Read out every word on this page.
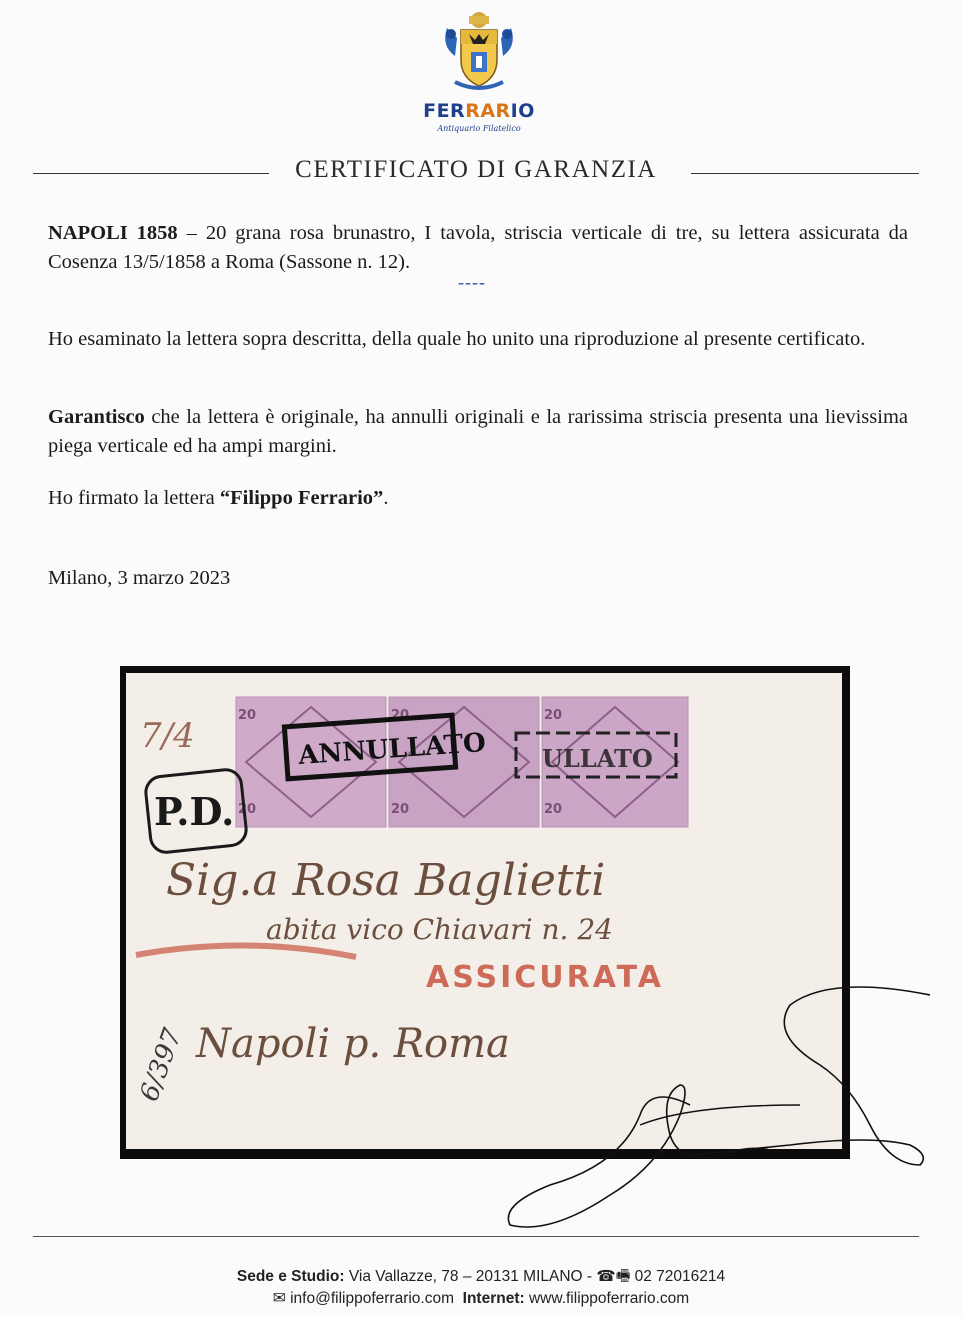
FERRARIO
Antiquario Filatelico
CERTIFICATO DI GARANZIA
NAPOLI 1858 – 20 grana rosa brunastro, I tavola, striscia verticale di tre, su lettera assicurata da Cosenza 13/5/1858 a Roma (Sassone n. 12).
----
Ho esaminato la lettera sopra descritta, della quale ho unito una riproduzione al presente certificato.
Garantisco che la lettera è originale, ha annulli originali e la rarissima striscia presenta una lievissima piega verticale ed ha ampi margini.
Ho firmato la lettera “Filippo Ferrario”.
Milano, 3 marzo 2023
20
20
20
20
20
20
ANNULLATO ULLATO
P.D.
7/4
Sig.a Rosa Baglietti
abita vico Chiavari n. 24
Napoli p. Roma
ASSICURATA
6/397
Sede e Studio: Via Vallazze, 78 – 20131 MILANO - ☎🖷 02 72016214
✉ info@filippoferrario.com Internet: www.filippoferrario.com
